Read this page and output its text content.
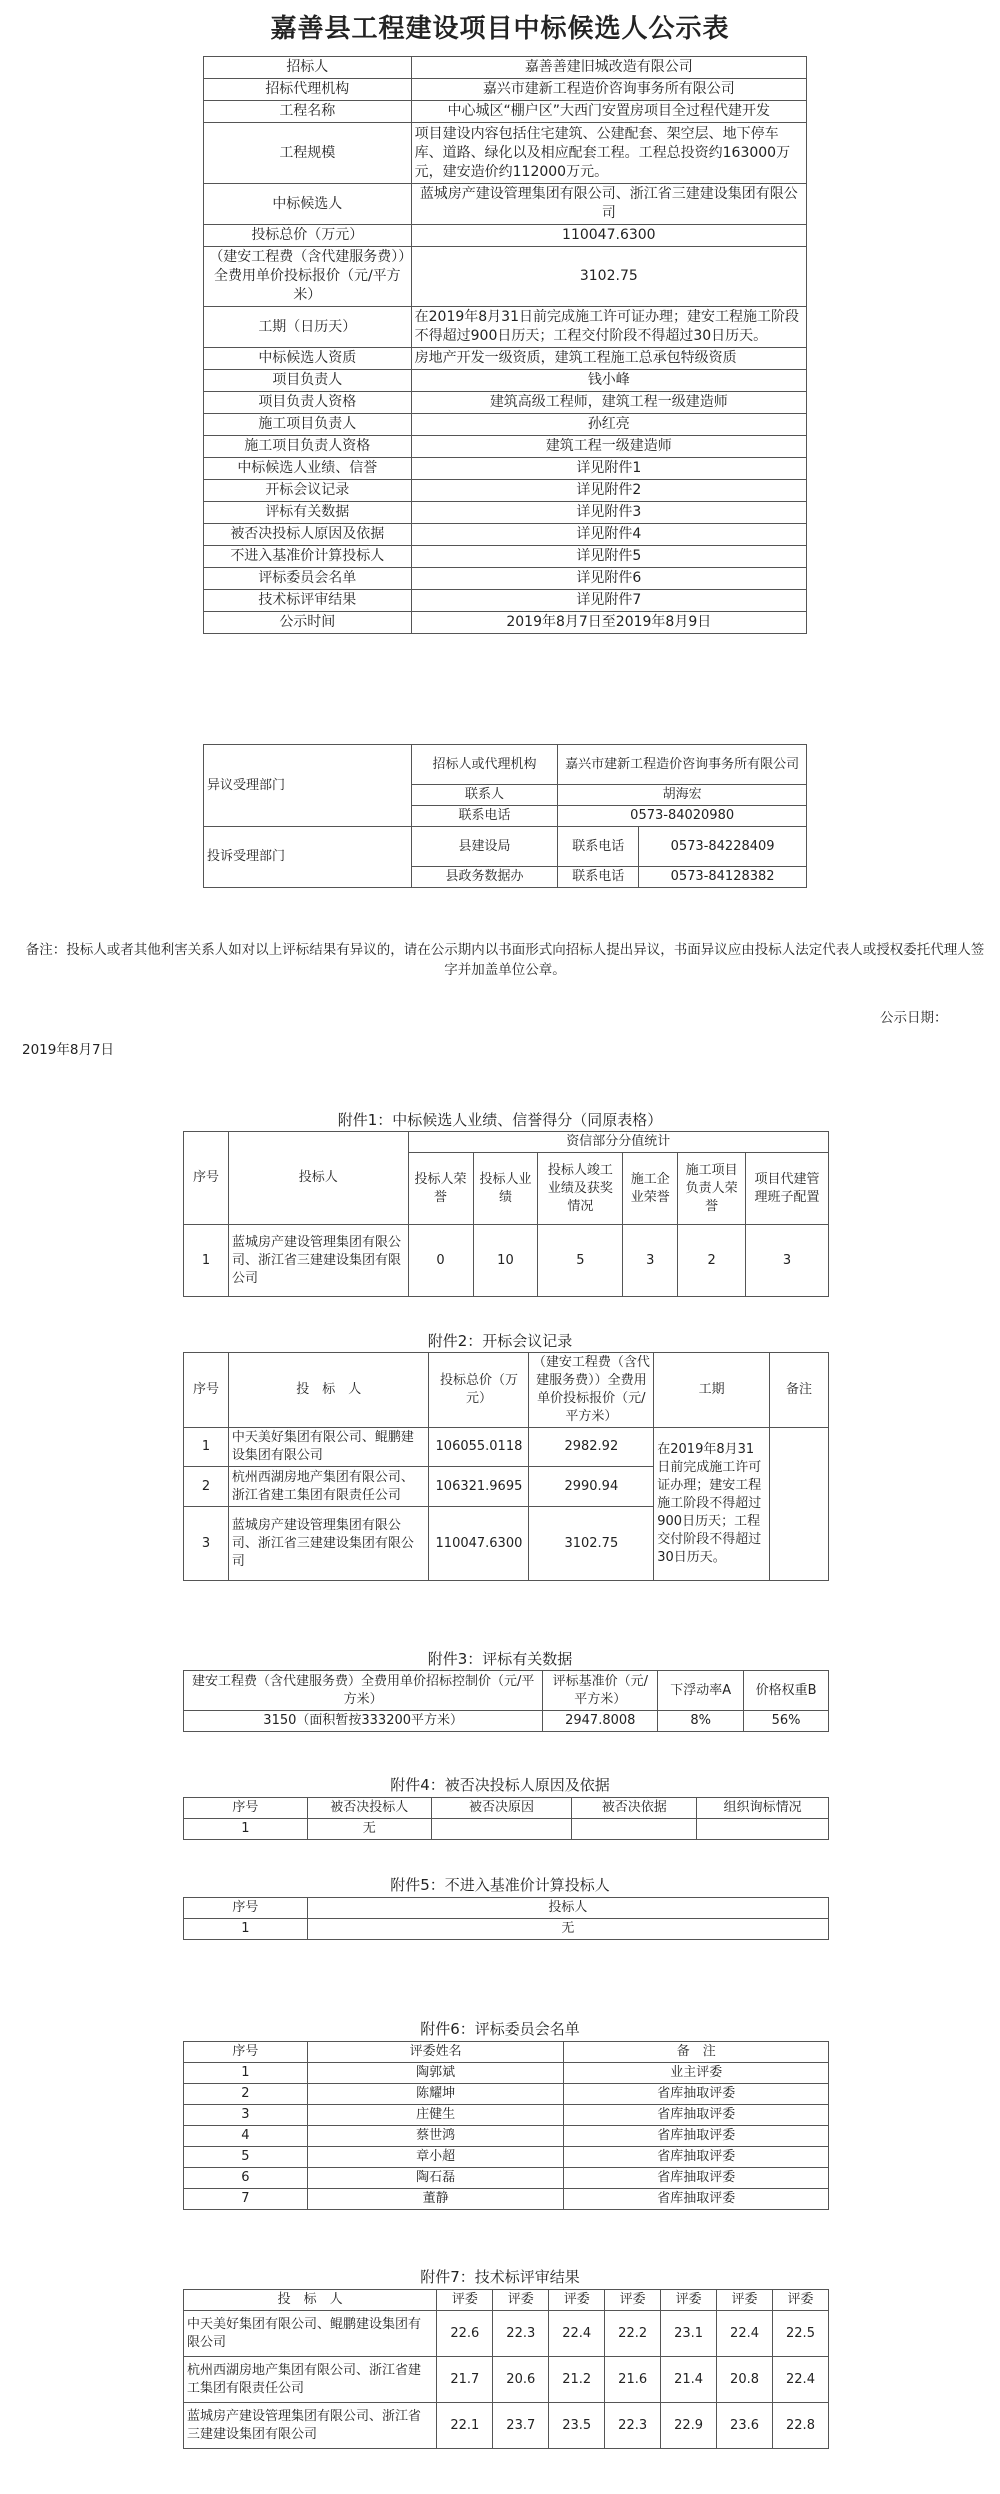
嘉善县工程建设项目中标候选人公示表
招标人	嘉善善建旧城改造有限公司
招标代理机构	嘉兴市建新工程造价咨询事务所有限公司
工程名称	中心城区“棚户区”大西门安置房项目全过程代建开发
工程规模	项目建设内容包括住宅建筑、公建配套、架空层、地下停车库、道路、绿化以及相应配套工程。工程总投资约163000万元，建安造价约112000万元。
中标候选人	蓝城房产建设管理集团有限公司、浙江省三建建设集团有限公司
投标总价（万元）	110047.6300
（建安工程费（含代建服务费））全费用单价投标报价（元/平方米）	3102.75
工期（日历天）	在2019年8月31日前完成施工许可证办理；建安工程施工阶段不得超过900日历天；工程交付阶段不得超过30日历天。
中标候选人资质	房地产开发一级资质，建筑工程施工总承包特级资质
项目负责人	钱小峰
项目负责人资格	建筑高级工程师，建筑工程一级建造师
施工项目负责人	孙红亮
施工项目负责人资格	建筑工程一级建造师
中标候选人业绩、信誉	详见附件1
开标会议记录	详见附件2
评标有关数据	详见附件3
被否决投标人原因及依据	详见附件4
不进入基准价计算投标人	详见附件5
评标委员会名单	详见附件6
技术标评审结果	详见附件7
公示时间	2019年8月7日至2019年8月9日
异议受理部门	招标人或代理机构	嘉兴市建新工程造价咨询事务所有限公司	
	联系人	胡海宏	
	联系电话	0573-84020980	
投诉受理部门	县建设局	联系电话	0573-84228409
	县政务数据办	联系电话	0573-84128382
备注：投标人或者其他利害关系人如对以上评标结果有异议的，请在公示期内以书面形式向招标人提出异议，书面异议应由投标人法定代表人或授权委托代理人签字并加盖单位公章。
公示日期：
2019年8月7日
附件1：中标候选人业绩、信誉得分（同原表格）
序号	投标人	资信部分分值统计					
		投标人荣誉	投标人业绩	投标人竣工业绩及获奖情况	施工企业荣誉	施工项目负责人荣誉	项目代建管理班子配置
1	蓝城房产建设管理集团有限公司、浙江省三建建设集团有限公司	0	10	5	3	2	3
附件2：开标会议记录
序号	投　标　人	投标总价（万元）	（建安工程费（含代建服务费））全费用单价投标报价（元/平方米）	工期	备注
1	中天美好集团有限公司、鲲鹏建设集团有限公司	106055.0118	2982.92	在2019年8月31日前完成施工许可证办理；建安工程施工阶段不得超过900日历天；工程交付阶段不得超过30日历天。	
2	杭州西湖房地产集团有限公司、浙江省建工集团有限责任公司	106321.9695	2990.94		
3	蓝城房产建设管理集团有限公司、浙江省三建建设集团有限公司	110047.6300	3102.75		
附件3：评标有关数据
建安工程费（含代建服务费）全费用单价招标控制价（元/平方米）	评标基准价（元/平方米）	下浮动率A	价格权重B
3150（面积暂按333200平方米）	2947.8008	8%	56%
附件4：被否决投标人原因及依据
序号	被否决投标人	被否决原因	被否决依据	组织询标情况
1	无			
附件5：不进入基准价计算投标人
序号	投标人
1	无
附件6：评标委员会名单
序号	评委姓名	备　注
1	陶郭斌	业主评委
2	陈耀坤	省库抽取评委
3	庄健生	省库抽取评委
4	蔡世鸿	省库抽取评委
5	章小超	省库抽取评委
6	陶石磊	省库抽取评委
7	董静	省库抽取评委
附件7：技术标评审结果
投　标　人	评委	评委	评委	评委	评委	评委	评委
中天美好集团有限公司、鲲鹏建设集团有限公司	22.6	22.3	22.4	22.2	23.1	22.4	22.5
杭州西湖房地产集团有限公司、浙江省建工集团有限责任公司	21.7	20.6	21.2	21.6	21.4	20.8	22.4
蓝城房产建设管理集团有限公司、浙江省三建建设集团有限公司	22.1	23.7	23.5	22.3	22.9	23.6	22.8
